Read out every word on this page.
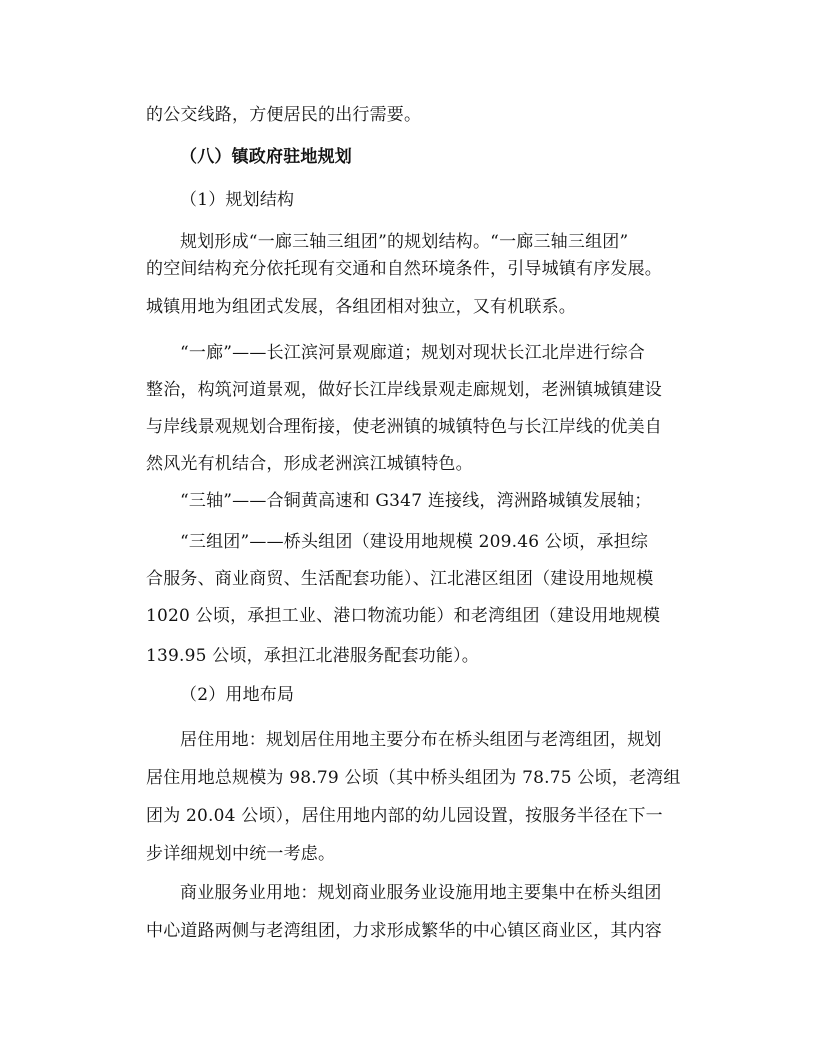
的公交线路，方便居民的出行需要。
（八）镇政府驻地规划
（1）规划结构
规划形成“一廊三轴三组团”的规划结构。“一廊三轴三组团”
的空间结构充分依托现有交通和自然环境条件，引导城镇有序发展。
城镇用地为组团式发展，各组团相对独立，又有机联系。
“一廊”——长江滨河景观廊道；规划对现状长江北岸进行综合
整治，构筑河道景观，做好长江岸线景观走廊规划，老洲镇城镇建设
与岸线景观规划合理衔接，使老洲镇的城镇特色与长江岸线的优美自
然风光有机结合，形成老洲滨江城镇特色。
“三轴”——合铜黄高速和 G347 连接线，湾洲路城镇发展轴；
“三组团”——桥头组团（建设用地规模 209.46 公顷，承担综
合服务、商业商贸、生活配套功能）、江北港区组团（建设用地规模
1020 公顷，承担工业、港口物流功能）和老湾组团（建设用地规模
139.95 公顷，承担江北港服务配套功能）。
（2）用地布局
居住用地：规划居住用地主要分布在桥头组团与老湾组团，规划
居住用地总规模为 98.79 公顷（其中桥头组团为 78.75 公顷，老湾组
团为 20.04 公顷），居住用地内部的幼儿园设置，按服务半径在下一
步详细规划中统一考虑。
商业服务业用地：规划商业服务业设施用地主要集中在桥头组团
中心道路两侧与老湾组团，力求形成繁华的中心镇区商业区，其内容
